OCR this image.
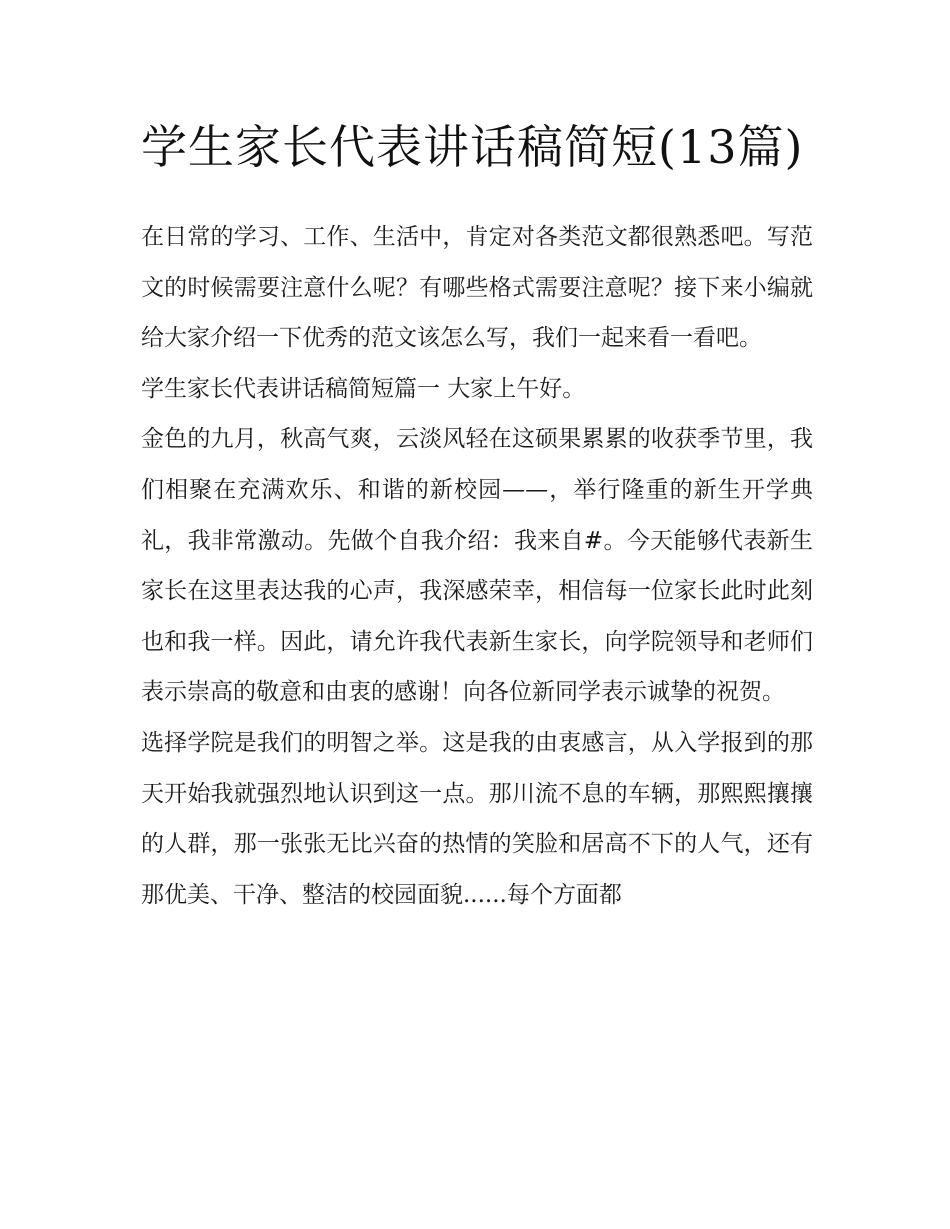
学生家长代表讲话稿简短(13篇)

在日常的学习、工作、生活中，肯定对各类范文都很熟悉吧。写范文的时候需要注意什么呢？有哪些格式需要注意呢？接下来小编就给大家介绍一下优秀的范文该怎么写，我们一起来看一看吧。

学生家长代表讲话稿简短篇一 大家上午好。

金色的九月，秋高气爽，云淡风轻在这硕果累累的收获季节里，我们相聚在充满欢乐、和谐的新校园——，举行隆重的新生开学典礼，我非常激动。先做个自我介绍：我来自#。今天能够代表新生家长在这里表达我的心声，我深感荣幸，相信每一位家长此时此刻也和我一样。因此，请允许我代表新生家长，向学院领导和老师们表示崇高的敬意和由衷的感谢！向各位新同学表示诚挚的祝贺。

选择学院是我们的明智之举。这是我的由衷感言，从入学报到的那天开始我就强烈地认识到这一点。那川流不息的车辆，那熙熙攘攘的人群，那一张张无比兴奋的热情的笑脸和居高不下的人气，还有那优美、干净、整洁的校园面貌......每个方面都
